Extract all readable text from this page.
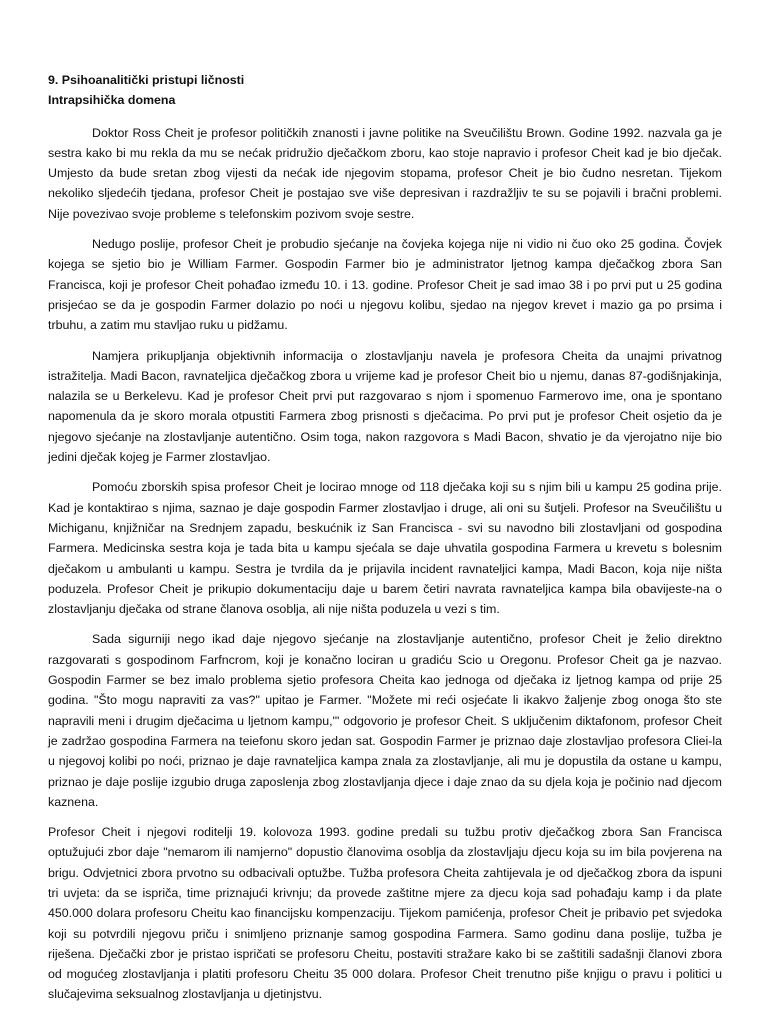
9. Psihoanalitički pristupi ličnosti

Intrapsihička domena

Doktor Ross Cheit je profesor političkih znanosti i javne politike na Sveučilištu Brown. Godine 1992. nazvala ga je sestra kako bi mu rekla da mu se nećak pridružio dječačkom zboru, kao stoje napravio i profesor Cheit kad je bio dječak. Umjesto da bude sretan zbog vijesti da nećak ide njegovim stopama, profesor Cheit je bio čudno nesretan. Tijekom nekoliko sljedećih tjedana, profesor Cheit je postajao sve više depresivan i razdražljiv te su se pojavili i bračni problemi. Nije povezivao svoje probleme s telefonskim pozivom svoje sestre.

Nedugo poslije, profesor Cheit je probudio sjećanje na čovjeka kojega nije ni vidio ni čuo oko 25 godina. Čovjek kojega se sjetio bio je William Farmer. Gospodin Farmer bio je administrator ljetnog kampa dječačkog zbora San Francisca, koji je profesor Cheit pohađao između 10. i 13. godine. Profesor Cheit je sad imao 38 i po prvi put u 25 godina prisjećao se da je gospodin Farmer dolazio po noći u njegovu kolibu, sjedao na njegov krevet i mazio ga po prsima i trbuhu, a zatim mu stavljao ruku u pidžamu.

Namjera prikupljanja objektivnih informacija o zlostavljanju navela je profesora Cheita da unajmi privatnog istražitelja. Madi Bacon, ravnateljica dječačkog zbora u vrijeme kad je profesor Cheit bio u njemu, danas 87-godišnjakinja, nalazila se u Berkelevu. Kad je profesor Cheit prvi put razgovarao s njom i spomenuo Farmerovo ime, ona je spontano napomenula da je skoro morala otpustiti Farmera zbog prisnosti s dječacima. Po prvi put je profesor Cheit osjetio da je njegovo sjećanje na zlostavljanje autentično. Osim toga, nakon razgovora s Madi Bacon, shvatio je da vjerojatno nije bio jedini dječak kojeg je Farmer zlostavljao.

Pomoću zborskih spisa profesor Cheit je locirao mnoge od 118 dječaka koji su s njim bili u kampu 25 godina prije. Kad je kontaktirao s njima, saznao je daje gospodin Farmer zlostavljao i druge, ali oni su šutjeli. Profesor na Sveučilištu u Michiganu, knjižničar na Srednjem zapadu, beskućnik iz San Francisca - svi su navodno bili zlostavljani od gospodina Farmera. Medicinska sestra koja je tada bita u kampu sjećala se daje uhvatila gospodina Farmera u krevetu s bolesnim dječakom u ambulanti u kampu. Sestra je tvrdila da je prijavila incident ravnateljici kampa, Madi Bacon, koja nije ništa poduzela. Profesor Cheit je prikupio dokumentaciju daje u barem četiri navrata ravnateljica kampa bila obavijeste-na o zlostavljanju dječaka od strane članova osoblja, ali nije ništa poduzela u vezi s tim.

Sada sigurniji nego ikad daje njegovo sjećanje na zlostavljanje autentično, profesor Cheit je želio direktno razgovarati s gospodinom Farfncrom, koji je konačno lociran u gradiću Scio u Oregonu. Profesor Cheit ga je nazvao. Gospodin Farmer se bez imalo problema sjetio profesora Cheita kao jednoga od dječaka iz ljetnog kampa od prije 25 godina. "Što mogu napraviti za vas?" upitao je Farmer. "Možete mi reći osjećate li ikakvo žaljenje zbog onoga što ste napravili meni i drugim dječacima u ljetnom kampu,'" odgovorio je profesor Cheit. S uključenim diktafonom, profesor Cheit je zadržao gospodina Farmera na teiefonu skoro jedan sat. Gospodin Farmer je priznao daje zlostavljao profesora Cliei-la u njegovoj kolibi po noći, priznao je daje ravnateljica kampa znala za zlostavljanje, ali mu je dopustila da ostane u kampu, priznao je daje poslije izgubio druga zaposlenja zbog zlostavljanja djece i daje znao da su djela koja je počinio nad djecom kaznena.

Profesor Cheit i njegovi roditelji 19. kolovoza 1993. godine predali su tužbu protiv dječačkog zbora San Francisca optužujući zbor daje "nemarom ili namjerno" dopustio članovima osoblja da zlostavljaju djecu koja su im bila povjerena na brigu. Odvjetnici zbora prvotno su odbacivali optužbe. Tužba profesora Cheita zahtijevala je od dječačkog zbora da ispuni tri uvjeta: da se ispriča, time priznajući krivnju; da provede zaštitne mjere za djecu koja sad pohađaju kamp i da plate 450.000 dolara profesoru Cheitu kao financijsku kompenzaciju. Tijekom pamićenja, profesor Cheit je pribavio pet svjedoka koji su potvrdili njegovu priču i snimljeno priznanje samog gospodina Farmera. Samo godinu dana poslije, tužba je riješena. Dječački zbor je pristao ispričati se profesoru Cheitu, postaviti stražare kako bi se zaštitili sadašnji članovi zbora od mogućeg zlostavljanja i platiti profesoru Cheitu 35 000 dolara. Profesor Cheit trenutno piše knjigu o pravu i politici u slučajevima seksualnog zlostavljanja u djetinjstvu.
